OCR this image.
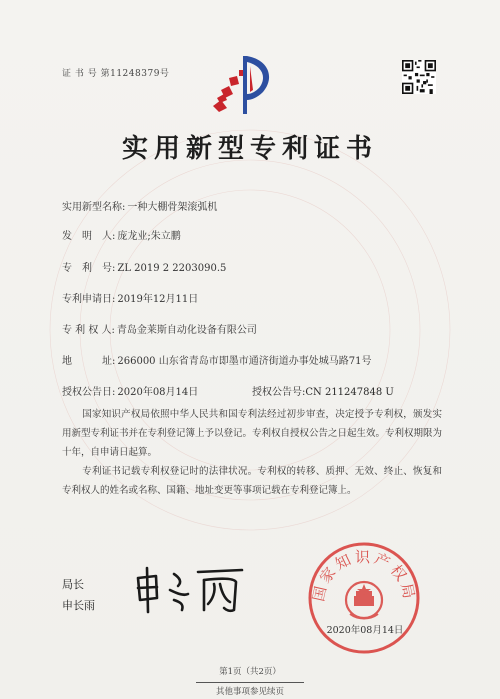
证 书 号 第11248379号
实用新型专利证书
实用新型名称: 一种大棚骨架滚弧机
发　明　人: 庞龙业;朱立鹏
专　利　号: ZL 2019 2 2203090.5
专利申请日: 2019年12月11日
专 利 权 人: 青岛金莱斯自动化设备有限公司
地　　　址: 266000 山东省青岛市即墨市通济街道办事处城马路71号
授权公告日: 2020年08月14日	授权公告号:CN 211247848 U
国家知识产权局依照中华人民共和国专利法经过初步审查，决定授予专利权，颁发实用新型专利证书并在专利登记簿上予以登记。专利权自授权公告之日起生效。专利权期限为十年，自申请日起算。
专利证书记载专利权登记时的法律状况。专利权的转移、质押、无效、终止、恢复和专利权人的姓名或名称、国籍、地址变更等事项记载在专利登记簿上。
局长
申长雨
国家知识产权局
2020年08月14日
第1页（共2页）
其他事项参见续页
